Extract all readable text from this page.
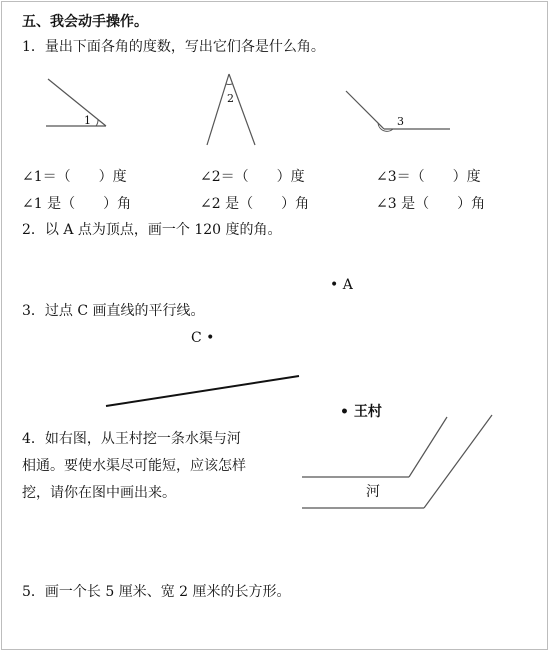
五、我会动手操作。
1．量出下面各角的度数，写出它们各是什么角。
1
2
3
∠1＝（　　）度	∠2＝（　　）度	∠3＝（　　）度
∠1 是（　　）角	∠2 是（　　）角	∠3 是（　　）角
2．以 A 点为顶点，画一个 120 度的角。
• A
3．过点 C 画直线的平行线。
C •
• 王村
4．如右图，从王村挖一条水渠与河
相通。要使水渠尽可能短，应该怎样
挖，请你在图中画出来。	河
5．画一个长 5 厘米、宽 2 厘米的长方形。
